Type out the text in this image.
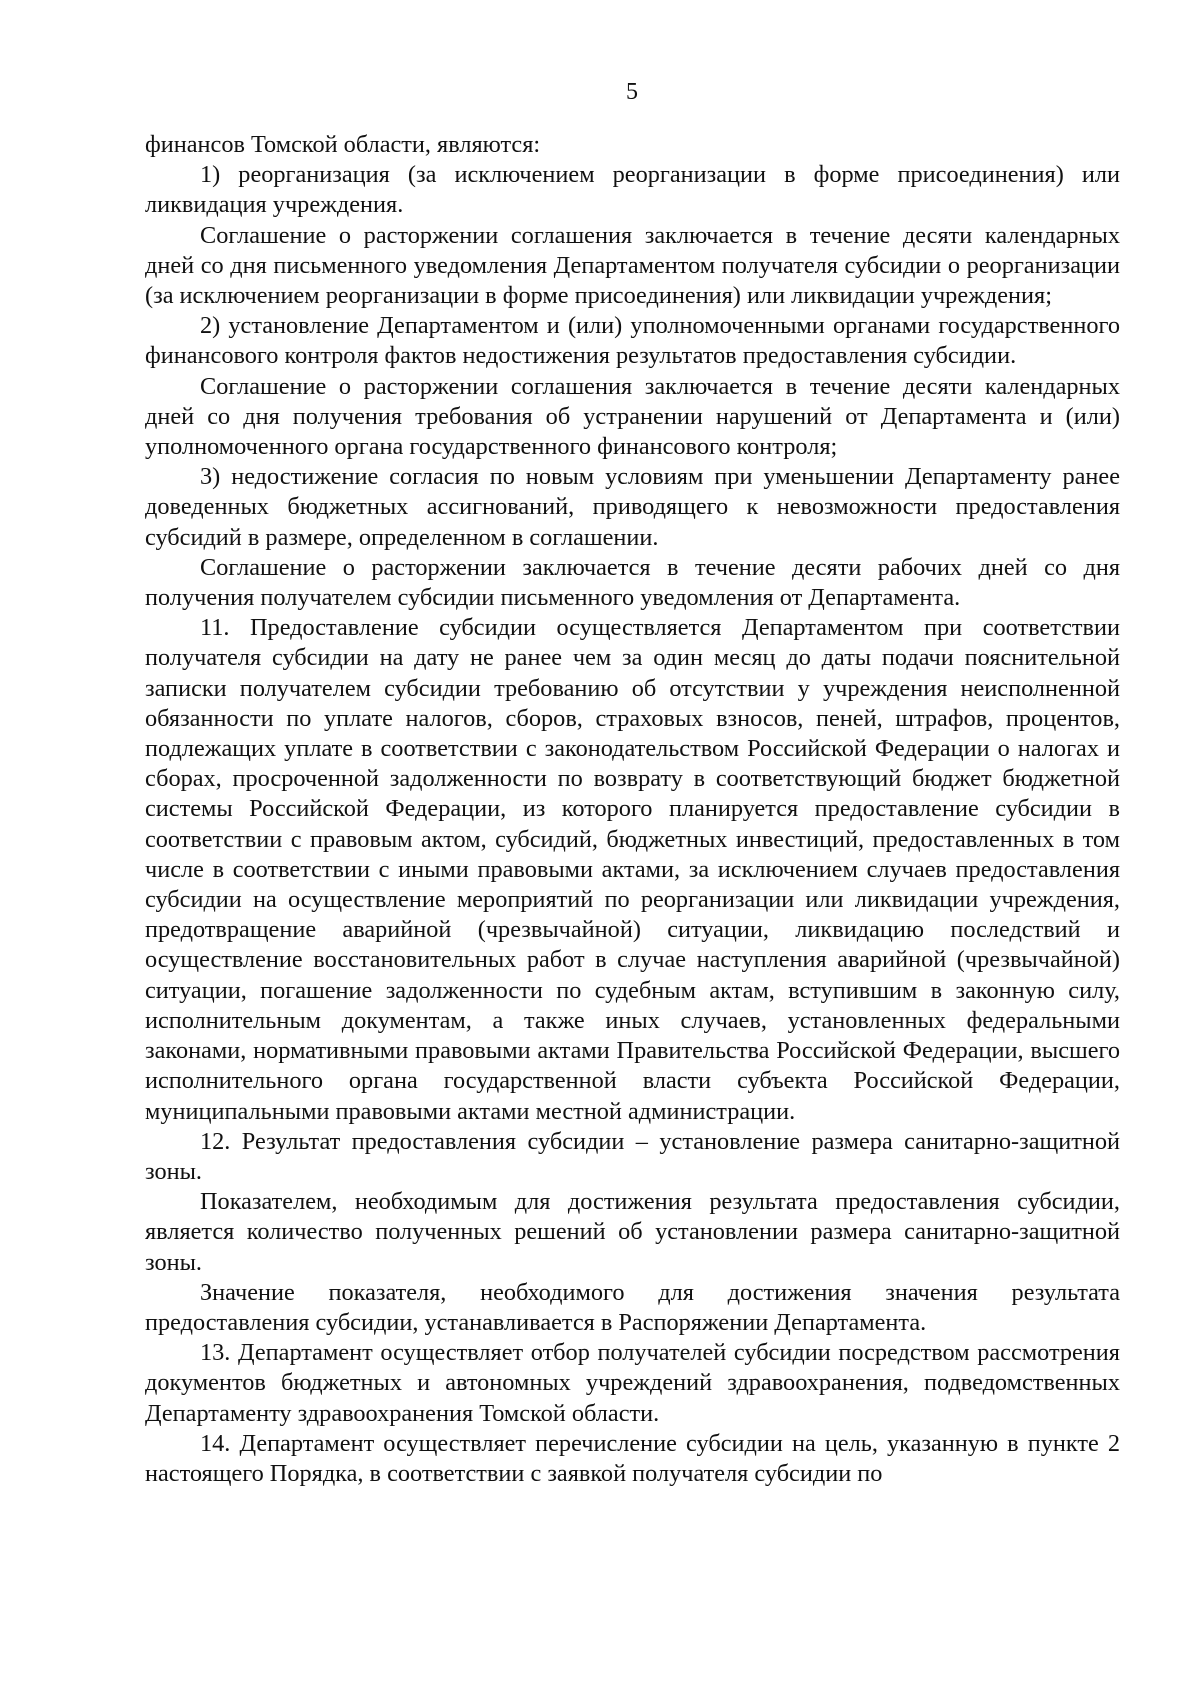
5

финансов Томской области, являются:

1) реорганизация (за исключением реорганизации в форме присоединения) или ликвидация учреждения.

Соглашение о расторжении соглашения заключается в течение десяти календарных дней со дня письменного уведомления Департаментом получателя субсидии о реорганизации (за исключением реорганизации в форме присоединения) или ликвидации учреждения;

2) установление Департаментом и (или) уполномоченными органами государственного финансового контроля фактов недостижения результатов предоставления субсидии.

Соглашение о расторжении соглашения заключается в течение десяти календарных дней со дня получения требования об устранении нарушений от Департамента и (или) уполномоченного органа государственного финансового контроля;

3) недостижение согласия по новым условиям при уменьшении Департаменту ранее доведенных бюджетных ассигнований, приводящего к невозможности предоставления субсидий в размере, определенном в соглашении.

Соглашение о расторжении заключается в течение десяти рабочих дней со дня получения получателем субсидии письменного уведомления от Департамента.

11. Предоставление субсидии осуществляется Департаментом при соответствии получателя субсидии на дату не ранее чем за один месяц до даты подачи пояснительной записки получателем субсидии требованию об отсутствии у учреждения неисполненной обязанности по уплате налогов, сборов, страховых взносов, пеней, штрафов, процентов, подлежащих уплате в соответствии с законодательством Российской Федерации о налогах и сборах, просроченной задолженности по возврату в соответствующий бюджет бюджетной системы Российской Федерации, из которого планируется предоставление субсидии в соответствии с правовым актом, субсидий, бюджетных инвестиций, предоставленных в том числе в соответствии с иными правовыми актами, за исключением случаев предоставления субсидии на осуществление мероприятий по реорганизации или ликвидации учреждения, предотвращение аварийной (чрезвычайной) ситуации, ликвидацию последствий и осуществление восстановительных работ в случае наступления аварийной (чрезвычайной) ситуации, погашение задолженности по судебным актам, вступившим в законную силу, исполнительным документам, а также иных случаев, установленных федеральными законами, нормативными правовыми актами Правительства Российской Федерации, высшего исполнительного органа государственной власти субъекта Российской Федерации, муниципальными правовыми актами местной администрации.

12. Результат предоставления субсидии – установление размера санитарно-защитной зоны.

Показателем, необходимым для достижения результата предоставления субсидии, является количество полученных решений об установлении размера санитарно-защитной зоны.

Значение показателя, необходимого для достижения значения результата предоставления субсидии, устанавливается в Распоряжении Департамента.

13. Департамент осуществляет отбор получателей субсидии посредством рассмотрения документов бюджетных и автономных учреждений здравоохранения, подведомственных Департаменту здравоохранения Томской области.

14. Департамент осуществляет перечисление субсидии на цель, указанную в пункте 2 настоящего Порядка, в соответствии с заявкой получателя субсидии по
